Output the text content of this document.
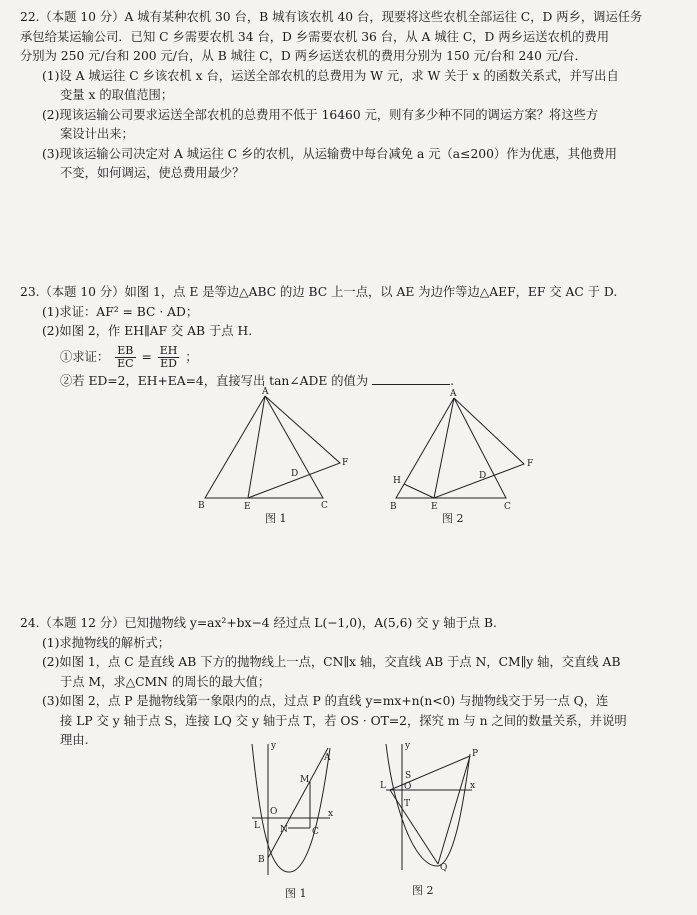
22.（本题 10 分）A 城有某种农机 30 台，B 城有该农机 40 台，现要将这些农机全部运往 C，D 两乡，调运任务
承包给某运输公司．已知 C 乡需要农机 34 台，D 乡需要农机 36 台，从 A 城往 C，D 两乡运送农机的费用
分别为 250 元/台和 200 元/台，从 B 城往 C，D 两乡运送农机的费用分别为 150 元/台和 240 元/台．
(1)设 A 城运往 C 乡该农机 x 台，运送全部农机的总费用为 W 元，求 W 关于 x 的函数关系式，并写出自
变量 x 的取值范围；
(2)现该运输公司要求运送全部农机的总费用不低于 16460 元，则有多少种不同的调运方案？将这些方
案设计出来；
(3)现该运输公司决定对 A 城运往 C 乡的农机，从运输费中每台减免 a 元（a≤200）作为优惠，其他费用
不变，如何调运，使总费用最少？
23.（本题 10 分）如图 1，点 E 是等边△ABC 的边 BC 上一点，以 AE 为边作等边△AEF，EF 交 AC 于 D.
(1)求证：AF² = BC · AD；
(2)如图 2，作 EH∥AF 交 AB 于点 H.
①求证： $\frac{EB}{EC} = \frac{EH}{ED}$ ；
②若 ED=2，EH+EA=4，直接写出 tan∠ADE 的值为	.
A
B	E	C
D
F
图 1
A
H
B	E	C
D
F
图 2
24.（本题 12 分）已知抛物线 y=ax²+bx−4 经过点 L(−1,0)，A(5,6) 交 y 轴于点 B.
(1)求抛物线的解析式；
(2)如图 1，点 C 是直线 AB 下方的抛物线上一点，CN∥x 轴，交直线 AB 于点 N，CM∥y 轴，交直线 AB
于点 M，求△CMN 的周长的最大值；
(3)如图 2，点 P 是抛物线第一象限内的点，过点 P 的直线 y=mx+n(n<0) 与抛物线交于另一点 Q，连
接 LP 交 y 轴于点 S，连接 LQ 交 y 轴于点 T，若 OS · OT=2，探究 m 与 n 之间的数量关系，并说明
理由.	y
A
M
O
L N	C
x
B
图 1
y
S
P
L O
T
x
Q
图 2
